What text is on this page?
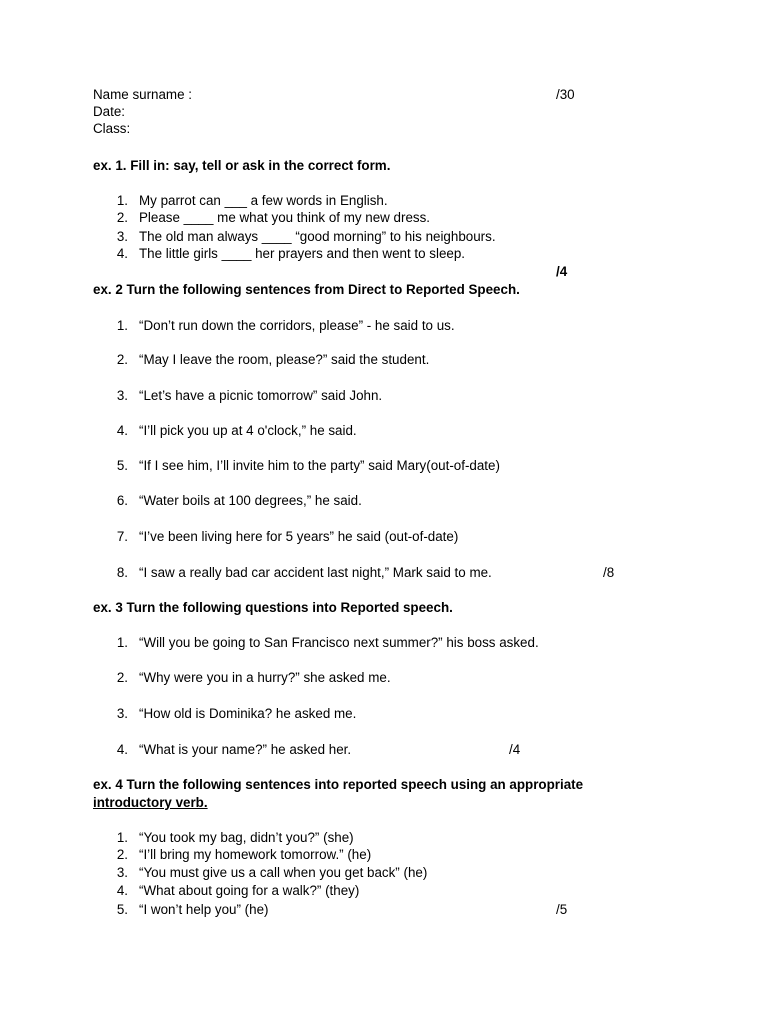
Name surname :	/30
Date:
Class:
ex. 1. Fill in: say, tell or ask in the correct form.
1. My parrot can ___ a few words in English.
2. Please ____ me what you think of my new dress.
3. The old man always ____ “good morning” to his neighbours.
4. The little girls ____ her prayers and then went to sleep.
/4
ex. 2 Turn the following sentences from Direct to Reported Speech.
1. “Don’t run down the corridors, please” - he said to us.
2. “May I leave the room, please?” said the student.
3. “Let’s have a picnic tomorrow” said John.
4. “I’ll pick you up at 4 o'clock,” he said.
5. “If I see him, I’ll invite him to the party” said Mary(out-of-date)
6. “Water boils at 100 degrees,” he said.
7. “I’ve been living here for 5 years” he said (out-of-date)
8. “I saw a really bad car accident last night,” Mark said to me.	/8
ex. 3 Turn the following questions into Reported speech.
1. “Will you be going to San Francisco next summer?” his boss asked.
2. “Why were you in a hurry?” she asked me.
3. “How old is Dominika? he asked me.
4. “What is your name?” he asked her.	/4
ex. 4 Turn the following sentences into reported speech using an appropriate
introductory verb.
1. “You took my bag, didn’t you?” (she)
2. “I’ll bring my homework tomorrow.” (he)
3. “You must give us a call when you get back” (he)
4. “What about going for a walk?” (they)
5. “I won’t help you” (he)	/5
